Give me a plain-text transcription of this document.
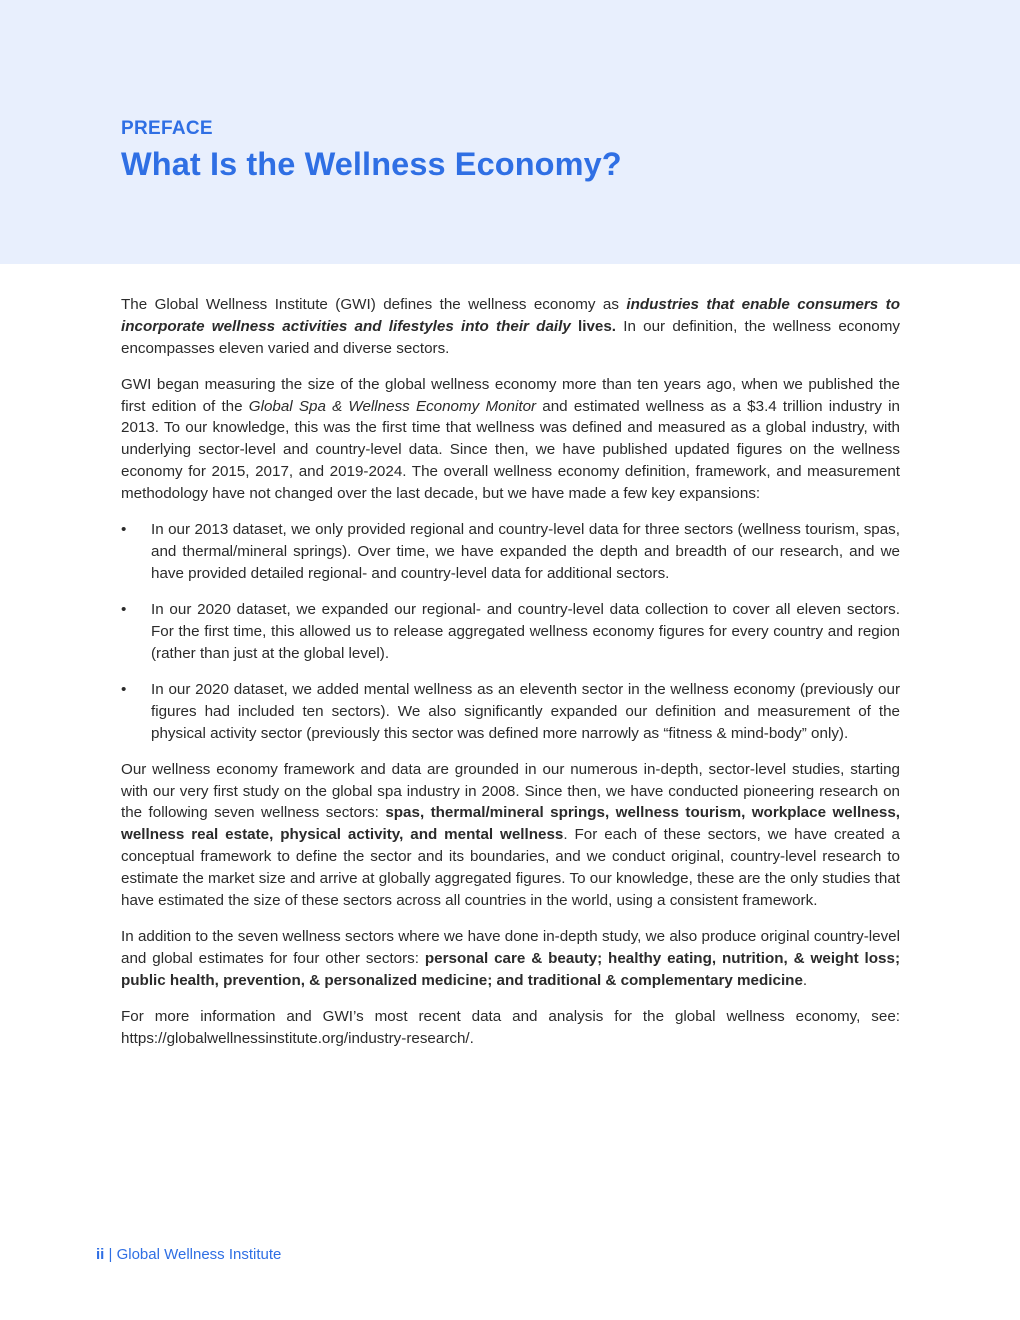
PREFACE
What Is the Wellness Economy?

The Global Wellness Institute (GWI) defines the wellness economy as industries that enable consumers to incorporate wellness activities and lifestyles into their daily lives. In our definition, the wellness economy encompasses eleven varied and diverse sectors.

GWI began measuring the size of the global wellness economy more than ten years ago, when we published the first edition of the Global Spa & Wellness Economy Monitor and estimated wellness as a $3.4 trillion industry in 2013. To our knowledge, this was the first time that wellness was defined and measured as a global industry, with underlying sector-level and country-level data. Since then, we have published updated figures on the wellness economy for 2015, 2017, and 2019-2024. The overall wellness economy definition, framework, and measurement methodology have not changed over the last decade, but we have made a few key expansions:

• In our 2013 dataset, we only provided regional and country-level data for three sectors (wellness tourism, spas, and thermal/mineral springs). Over time, we have expanded the depth and breadth of our research, and we have provided detailed regional- and country-level data for additional sectors.
• In our 2020 dataset, we expanded our regional- and country-level data collection to cover all eleven sectors. For the first time, this allowed us to release aggregated wellness economy figures for every country and region (rather than just at the global level).
• In our 2020 dataset, we added mental wellness as an eleventh sector in the wellness economy (previously our figures had included ten sectors). We also significantly expanded our definition and measurement of the physical activity sector (previously this sector was defined more narrowly as “fitness & mind-body” only).

Our wellness economy framework and data are grounded in our numerous in-depth, sector-level studies, starting with our very first study on the global spa industry in 2008. Since then, we have conducted pioneering research on the following seven wellness sectors: spas, thermal/mineral springs, wellness tourism, workplace wellness, wellness real estate, physical activity, and mental wellness. For each of these sectors, we have created a conceptual framework to define the sector and its boundaries, and we conduct original, country-level research to estimate the market size and arrive at globally aggregated figures. To our knowledge, these are the only studies that have estimated the size of these sectors across all countries in the world, using a consistent framework.

In addition to the seven wellness sectors where we have done in-depth study, we also produce original country-level and global estimates for four other sectors: personal care & beauty; healthy eating, nutrition, & weight loss; public health, prevention, & personalized medicine; and traditional & complementary medicine.

For more information and GWI’s most recent data and analysis for the global wellness economy, see: https://globalwellnessinstitute.org/industry-research/.

ii | Global Wellness Institute
